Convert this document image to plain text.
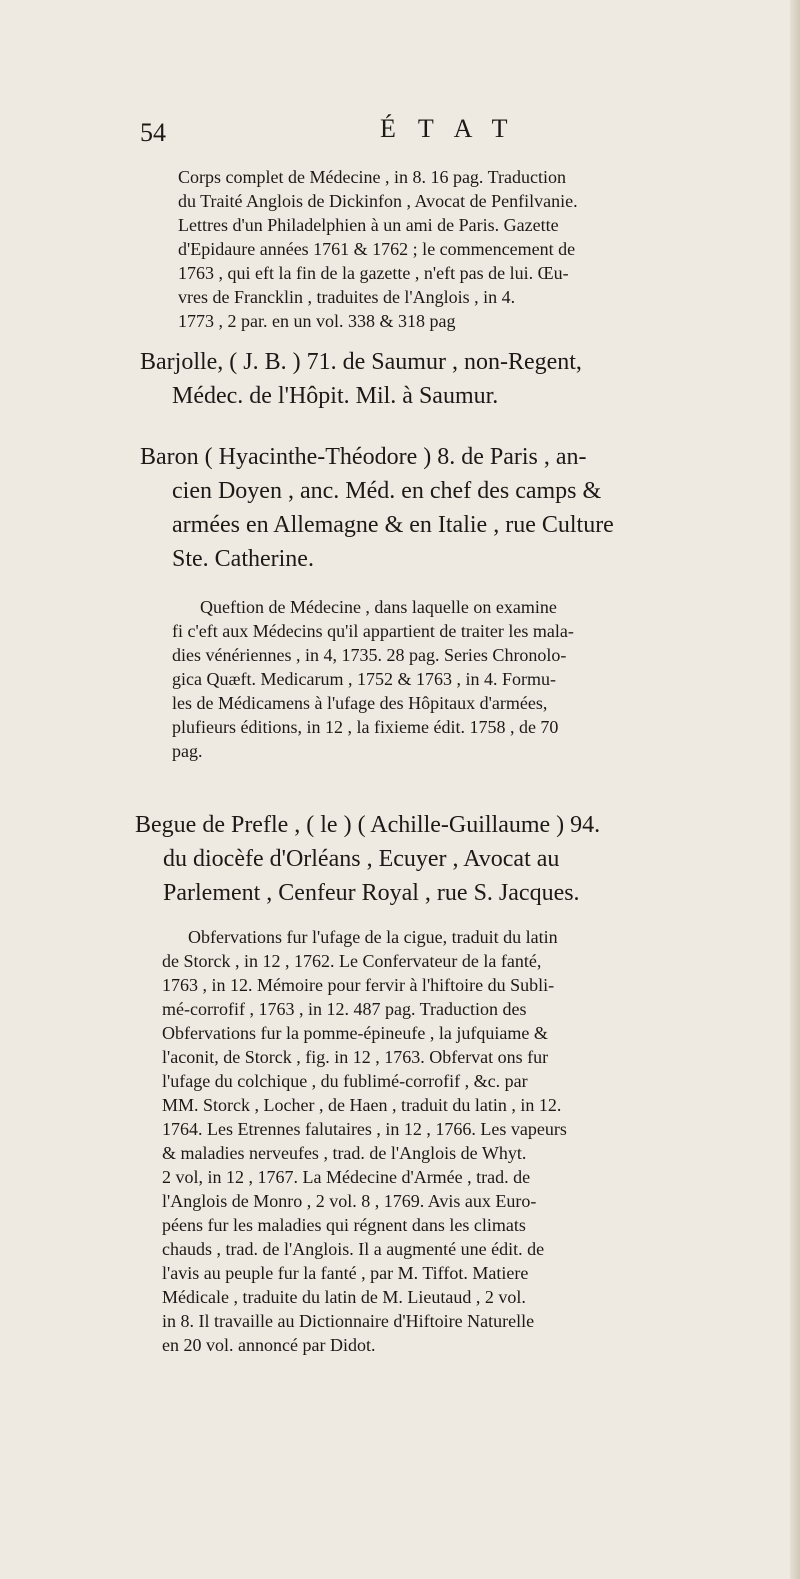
54	ÉTAT

Corps complet de Médecine , in 8. 16 pag. Traduction

du Traité Anglois de Dickinfon , Avocat de Penfilvanie.

Lettres d'un Philadelphien à un ami de Paris. Gazette

d'Epidaure années 1761 & 1762 ; le commencement de

1763 , qui eft la fin de la gazette , n'eft pas de lui. Œu-

vres de Francklin , traduites de l'Anglois , in 4.

1773 , 2 par. en un vol. 338 & 318 pag

Barjolle, ( J. B. ) 71. de Saumur , non-Regent,

Médec. de l'Hôpit. Mil. à Saumur.

Baron ( Hyacinthe-Théodore ) 8. de Paris , an-

cien Doyen , anc. Méd. en chef des camps &

armées en Allemagne & en Italie , rue Culture

Ste. Catherine.

Queftion de Médecine , dans laquelle on examine

fi c'eft aux Médecins qu'il appartient de traiter les mala-

dies vénériennes , in 4, 1735. 28 pag. Series Chronolo-

gica Quæft. Medicarum , 1752 & 1763 , in 4. Formu-

les de Médicamens à l'ufage des Hôpitaux d'armées,

plufieurs éditions, in 12 , la fixieme édit. 1758 , de 70

pag.

Begue de Prefle , ( le ) ( Achille-Guillaume ) 94.

du diocèfe d'Orléans , Ecuyer , Avocat au

Parlement , Cenfeur Royal , rue S. Jacques.

Obfervations fur l'ufage de la cigue, traduit du latin

de Storck , in 12 , 1762. Le Confervateur de la fanté,

1763 , in 12. Mémoire pour fervir à l'hiftoire du Subli-

mé-corrofif , 1763 , in 12. 487 pag. Traduction des

Obfervations fur la pomme-épineufe , la jufquiame &

l'aconit, de Storck , fig. in 12 , 1763. Obfervat ons fur

l'ufage du colchique , du fublimé-corrofif , &c. par

MM. Storck , Locher , de Haen , traduit du latin , in 12.

1764. Les Etrennes falutaires , in 12 , 1766. Les vapeurs

& maladies nerveufes , trad. de l'Anglois de Whyt.

2 vol, in 12 , 1767. La Médecine d'Armée , trad. de

l'Anglois de Monro , 2 vol. 8 , 1769. Avis aux Euro-

péens fur les maladies qui régnent dans les climats

chauds , trad. de l'Anglois. Il a augmenté une édit. de

l'avis au peuple fur la fanté , par M. Tiffot. Matiere

Médicale , traduite du latin de M. Lieutaud , 2 vol.

in 8. Il travaille au Dictionnaire d'Hiftoire Naturelle

en 20 vol. annoncé par Didot.
